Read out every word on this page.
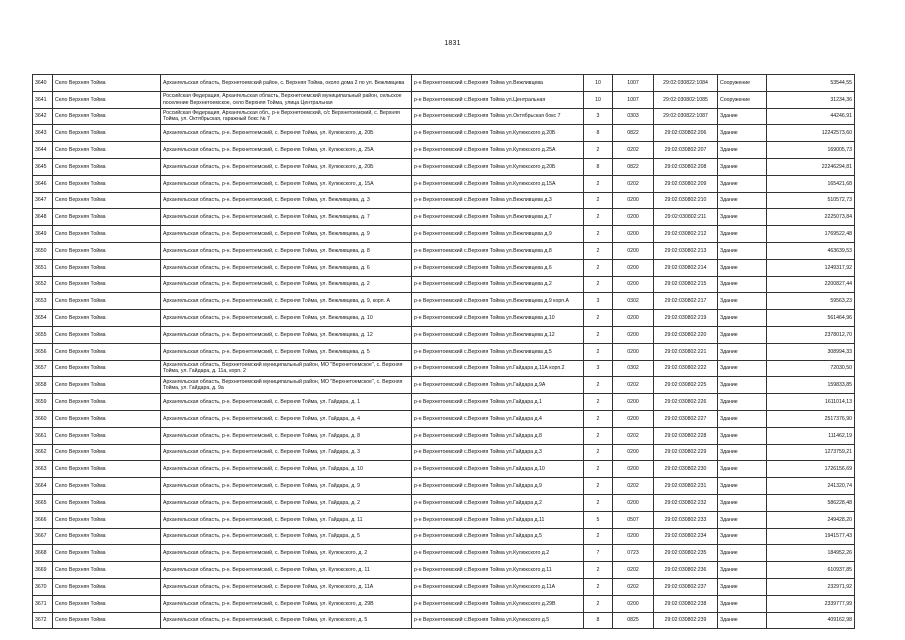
1831
3640	Село Верхняя Тойма	Архангельская область, Верхнетоемский район, с. Верхняя Тойма, около дома 2 по ул. Вежливцева	р-н Верхнетоемский с.Верхняя Тойма ул.Вежливцева	10	1007	29:02:030822:1084	Сооружение	53544,55
3641	Село Верхняя Тойма	Российская Федерация, Архангельская область, Верхнетоемский муниципальный район, сельское поселение Верхнетоемское, село Верхняя Тойма, улица Центральная	р-н Верхнетоемский с.Верхняя Тойма ул.Центральная	10	1007	29:02:030802:1085	Сооружение	31234,36
3642	Село Верхняя Тойма	Российская Федерация, Архангельская обл., р-н Верхнетоемский, с/с Верхнетоемский, с. Верхняя Тойма, ул. Октябрьская, гаражный бокс № 7	р-н Верхнетоемский с.Верхняя Тойма ул.Октябрьская бокс 7	3	0303	29:02:030822:1087	Здание	44246,91
3643	Село Верхняя Тойма	Архангельская область, р-н. Верхнетоемский, с. Верхняя Тойма, ул. Кулюкского, д. 20Б	р-н Верхнетоемский с.Верхняя Тойма ул.Кулюкского д.20Б	8	0822	29:02:030802:206	Здание	12242573,60
3644	Село Верхняя Тойма	Архангельская область, р-н. Верхнетоемский, с. Верхняя Тойма, ул. Кулюкского, д. 25А	р-н Верхнетоемский с.Верхняя Тойма ул.Кулюкского д.25А	2	0202	29:02:030802:207	Здание	169005,73
3645	Село Верхняя Тойма	Архангельская область, р-н. Верхнетоемский, с. Верхняя Тойма, ул. Кулюкского, д. 20Б	р-н Верхнетоемский с.Верхняя Тойма ул.Кулюкского д.20Б	8	0822	29:02:030802:208	Здание	22246294,81
3646	Село Верхняя Тойма	Архангельская область, р-н. Верхнетоемский, с. Верхняя Тойма, ул. Кулюкского, д. 15А	р-н Верхнетоемский с.Верхняя Тойма ул.Кулюкского д.15А	2	0202	29:02:030802:209	Здание	165421,68
3647	Село Верхняя Тойма	Архангельская область, р-н. Верхнетоемский, с. Верхняя Тойма, ул. Вежливцева, д. 3	р-н Верхнетоемский с.Верхняя Тойма ул.Вежливцева д.3	2	0200	29:02:030802:210	Здание	510572,73
3648	Село Верхняя Тойма	Архангельская область, р-н. Верхнетоемский, с. Верхняя Тойма, ул. Вежливцева, д. 7	р-н Верхнетоемский с.Верхняя Тойма ул.Вежливцева д.7	2	0200	29:02:030802:211	Здание	2225073,84
3649	Село Верхняя Тойма	Архангельская область, р-н. Верхнетоемский, с. Верхняя Тойма, ул. Вежливцева, д. 9	р-н Верхнетоемский с.Верхняя Тойма ул.Вежливцева д.9	2	0200	29:02:030802:212	Здание	1769522,48
3650	Село Верхняя Тойма	Архангельская область, р-н. Верхнетоемский, с. Верхняя Тойма, ул. Вежливцева, д. 8	р-н Верхнетоемский с.Верхняя Тойма ул.Вежливцева д.8	2	0200	29:02:030802:213	Здание	463639,53
3651	Село Верхняя Тойма	Архангельская область, р-н. Верхнетоемский, с. Верхняя Тойма, ул. Вежливцева, д. 6	р-н Верхнетоемский с.Верхняя Тойма ул.Вежливцева д.6	2	0200	29:02:030802:214	Здание	1249317,92
3652	Село Верхняя Тойма	Архангельская область, р-н. Верхнетоемский, с. Верхняя Тойма, ул. Вежливцева, д. 2	р-н Верхнетоемский с.Верхняя Тойма ул.Вежливцева д.2	2	0200	29:02:030802:215	Здание	2200827,44
3653	Село Верхняя Тойма	Архангельская область, р-н. Верхнетоемский, с. Верхняя Тойма, ул. Вежливцева, д. 9, корп. А	р-н Верхнетоемский с.Верхняя Тойма ул.Вежливцева д.9 корп.А	3	0302	29:02:030802:217	Здание	59563,23
3654	Село Верхняя Тойма	Архангельская область, р-н. Верхнетоемский, с. Верхняя Тойма, ул. Вежливцева, д. 10	р-н Верхнетоемский с.Верхняя Тойма ул.Вежливцева д.10	2	0200	29:02:030802:219	Здание	561464,96
3655	Село Верхняя Тойма	Архангельская область, р-н. Верхнетоемский, с. Верхняя Тойма, ул. Вежливцева, д. 12	р-н Верхнетоемский с.Верхняя Тойма ул.Вежливцева д.12	2	0200	29:02:030802:220	Здание	2378012,70
3656	Село Верхняя Тойма	Архангельская область, р-н. Верхнетоемский, с. Верхняя Тойма, ул. Вежливцева, д. 5	р-н Верхнетоемский с.Верхняя Тойма ул.Вежливцева д.5	2	0200	29:02:030802:221	Здание	308994,33
3657	Село Верхняя Тойма	Архангельская область, Верхнетоемский муниципальный район, МО "Верхнетоемское", с. Верхняя Тойма, ул. Гайдара, д. 11а, корп. 2	р-н Верхнетоемский с.Верхняя Тойма ул.Гайдара д.11А корп.2	3	0302	29:02:030802:222	Здание	72030,50
3658	Село Верхняя Тойма	Архангельская область, Верхнетоемский муниципальный район, МО "Верхнетоемское", с. Верхняя Тойма, ул. Гайдара, д. 9а	р-н Верхнетоемский с.Верхняя Тойма ул.Гайдара д.9А	2	0202	29:02:030802:225	Здание	159833,85
3659	Село Верхняя Тойма	Архангельская область, р-н. Верхнетоемский, с. Верхняя Тойма, ул. Гайдара, д. 1	р-н Верхнетоемский с.Верхняя Тойма ул.Гайдара д.1	2	0200	29:02:030802:226	Здание	1611014,13
3660	Село Верхняя Тойма	Архангельская область, р-н. Верхнетоемский, с. Верхняя Тойма, ул. Гайдара, д. 4	р-н Верхнетоемский с.Верхняя Тойма ул.Гайдара д.4	2	0200	29:02:030802:227	Здание	2517376,90
3661	Село Верхняя Тойма	Архангельская область, р-н. Верхнетоемский, с. Верхняя Тойма, ул. Гайдара, д. 8	р-н Верхнетоемский с.Верхняя Тойма ул.Гайдара д.8	2	0202	29:02:030802:228	Здание	111462,19
3662	Село Верхняя Тойма	Архангельская область, р-н. Верхнетоемский, с. Верхняя Тойма, ул. Гайдара, д. 3	р-н Верхнетоемский с.Верхняя Тойма ул.Гайдара д.3	2	0200	29:02:030802:229	Здание	1273759,21
3663	Село Верхняя Тойма	Архангельская область, р-н. Верхнетоемский, с. Верхняя Тойма, ул. Гайдара, д. 10	р-н Верхнетоемский с.Верхняя Тойма ул.Гайдара д.10	2	0200	29:02:030802:230	Здание	1726156,69
3664	Село Верхняя Тойма	Архангельская область, р-н. Верхнетоемский, с. Верхняя Тойма, ул. Гайдара, д. 9	р-н Верхнетоемский с.Верхняя Тойма ул.Гайдара д.9	2	0202	29:02:030802:231	Здание	241320,74
3665	Село Верхняя Тойма	Архангельская область, р-н. Верхнетоемский, с. Верхняя Тойма, ул. Гайдара, д. 2	р-н Верхнетоемский с.Верхняя Тойма ул.Гайдара д.2	2	0200	29:02:030802:232	Здание	586228,48
3666	Село Верхняя Тойма	Архангельская область, р-н. Верхнетоемский, с. Верхняя Тойма, ул. Гайдара, д. 11	р-н Верхнетоемский с.Верхняя Тойма ул.Гайдара д.11	5	0507	29:02:030802:233	Здание	249428,20
3667	Село Верхняя Тойма	Архангельская область, р-н. Верхнетоемский, с. Верхняя Тойма, ул. Гайдара, д. 5	р-н Верхнетоемский с.Верхняя Тойма ул.Гайдара д.5	2	0200	29:02:030802:234	Здание	1941577,43
3668	Село Верхняя Тойма	Архангельская область, р-н. Верхнетоемский, с. Верхняя Тойма, ул. Кулюкского, д. 2	р-н Верхнетоемский с.Верхняя Тойма ул.Кулюкского д.2	7	0723	29:02:030802:235	Здание	184952,26
3669	Село Верхняя Тойма	Архангельская область, р-н. Верхнетоемский, с. Верхняя Тойма, ул. Кулюкского, д. 11	р-н Верхнетоемский с.Верхняя Тойма ул.Кулюкского д.11	2	0202	29:02:030802:236	Здание	610937,85
3670	Село Верхняя Тойма	Архангельская область, р-н. Верхнетоемский, с. Верхняя Тойма, ул. Кулюкского, д. 11А	р-н Верхнетоемский с.Верхняя Тойма ул.Кулюкского д.11А	2	0202	29:02:030802:237	Здание	232971,92
3671	Село Верхняя Тойма	Архангельская область, р-н. Верхнетоемский, с. Верхняя Тойма, ул. Кулюкского, д. 29В	р-н Верхнетоемский с.Верхняя Тойма ул.Кулюкского д.29В	2	0200	29:02:030802:238	Здание	2339777,99
3672	Село Верхняя Тойма	Архангельская область, р-н. Верхнетоемский, с. Верхняя Тойма, ул. Кулюкского, д. 5	р-н Верхнетоемский с.Верхняя Тойма ул.Кулюкского д.5	8	0825	29:02:030802:239	Здание	409162,98
